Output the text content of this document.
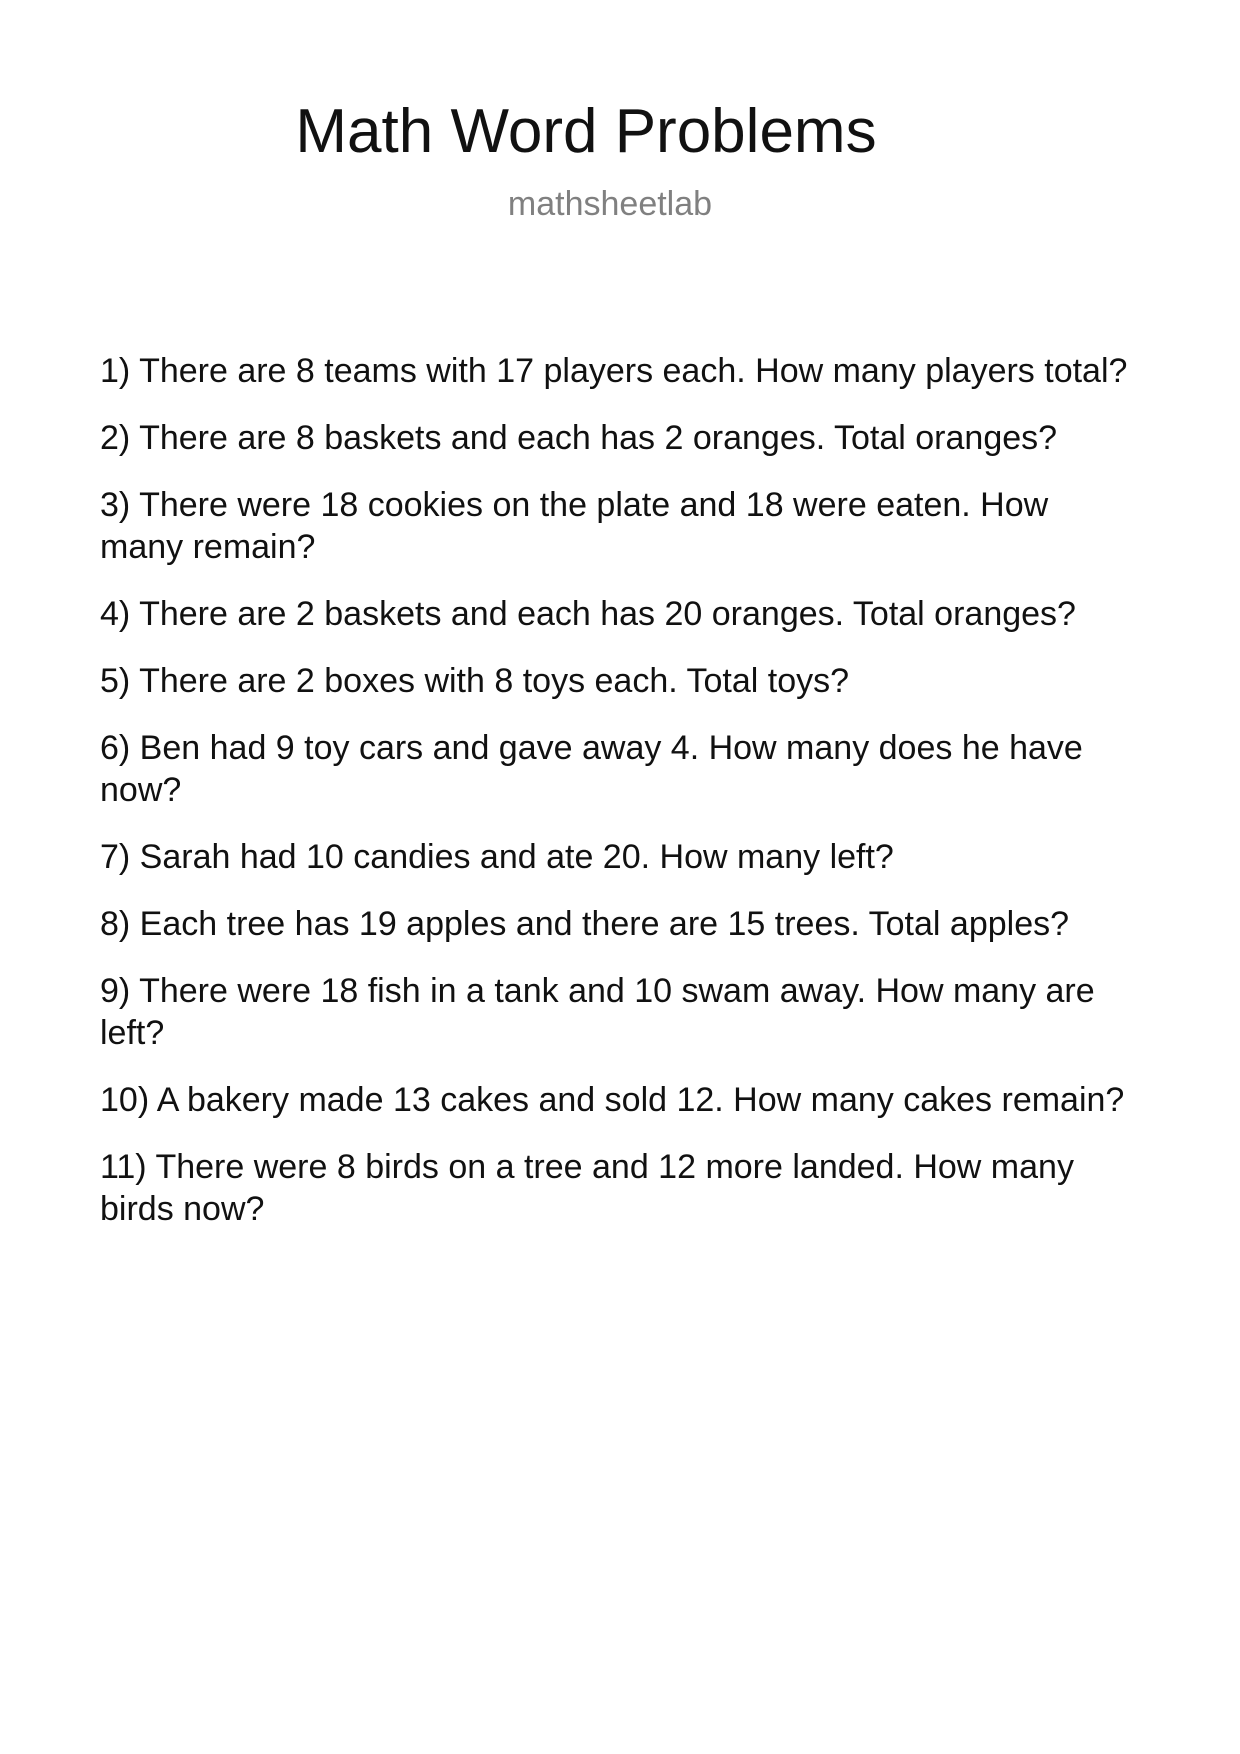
Math Word Problems

mathsheetlab

1) There are 8 teams with 17 players each. How many players total?
2) There are 8 baskets and each has 2 oranges. Total oranges?
3) There were 18 cookies on the plate and 18 were eaten. How many remain?
4) There are 2 baskets and each has 20 oranges. Total oranges?
5) There are 2 boxes with 8 toys each. Total toys?
6) Ben had 9 toy cars and gave away 4. How many does he have now?
7) Sarah had 10 candies and ate 20. How many left?
8) Each tree has 19 apples and there are 15 trees. Total apples?
9) There were 18 fish in a tank and 10 swam away. How many are left?
10) A bakery made 13 cakes and sold 12. How many cakes remain?
11) There were 8 birds on a tree and 12 more landed. How many birds now?
